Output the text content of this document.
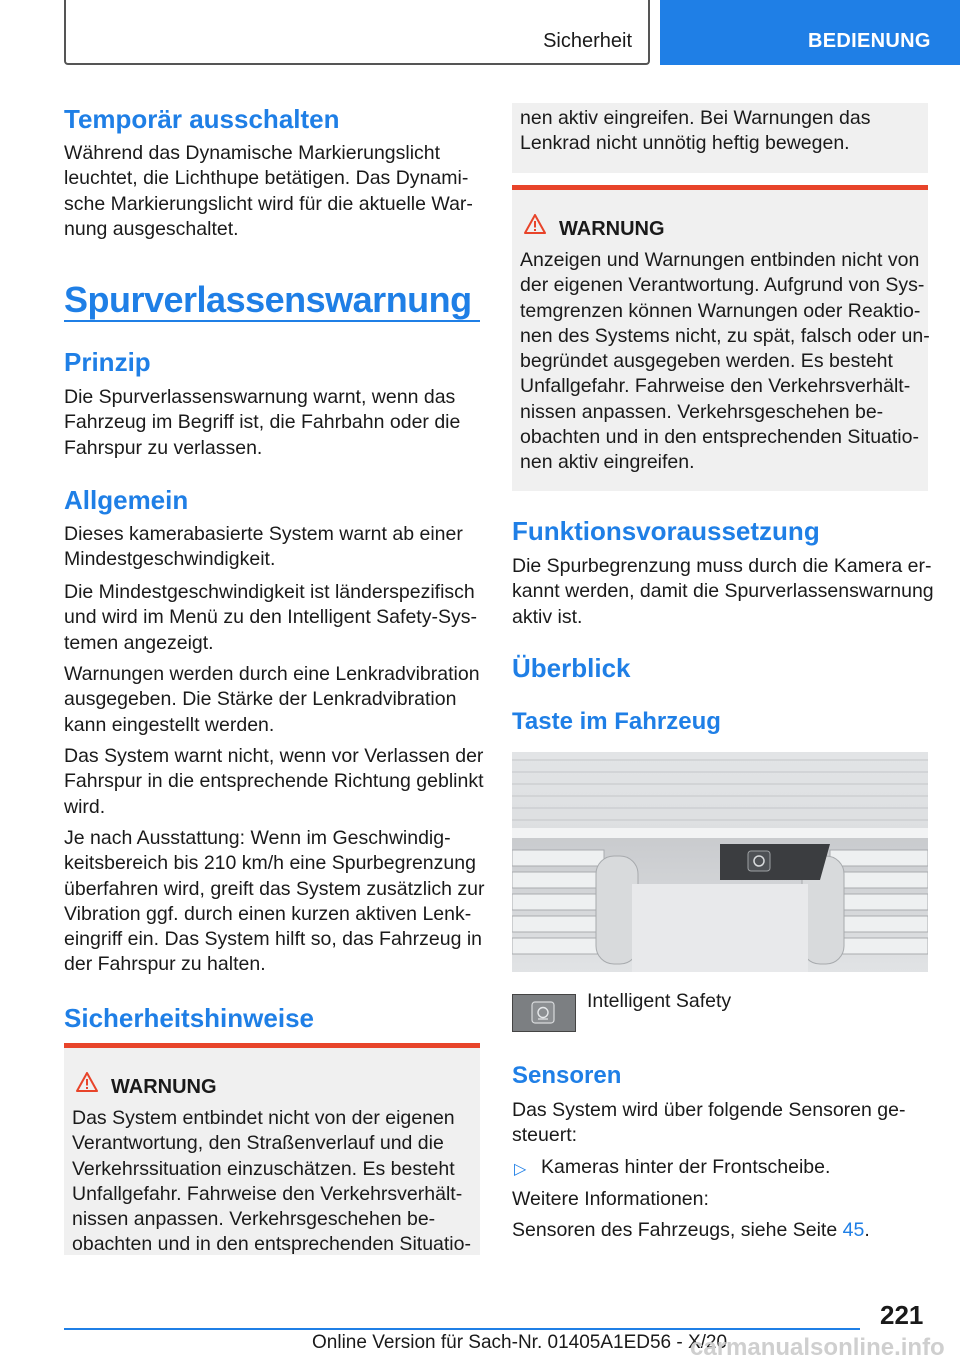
Sicherheit	BEDIENUNG
Temporär ausschalten
Während das Dynamische Markierungslicht
leuchtet, die Lichthupe betätigen. Das Dynami-
sche Markierungslicht wird für die aktuelle War-
nung ausgeschaltet.
Spurverlassenswarnung
Prinzip
Die Spurverlassenswarnung warnt, wenn das
Fahrzeug im Begriff ist, die Fahrbahn oder die
Fahrspur zu verlassen.
Allgemein
Dieses kamerabasierte System warnt ab einer
Mindestgeschwindigkeit.
Die Mindestgeschwindigkeit ist länderspezifisch
und wird im Menü zu den Intelligent Safety-Sys-
temen angezeigt.
Warnungen werden durch eine Lenkradvibration
ausgegeben. Die Stärke der Lenkradvibration
kann eingestellt werden.
Das System warnt nicht, wenn vor Verlassen der
Fahrspur in die entsprechende Richtung geblinkt
wird.
Je nach Ausstattung: Wenn im Geschwindig-
keitsbereich bis 210 km/h eine Spurbegrenzung
überfahren wird, greift das System zusätzlich zur
Vibration ggf. durch einen kurzen aktiven Lenk-
eingriff ein. Das System hilft so, das Fahrzeug in
der Fahrspur zu halten.
Sicherheitshinweise
WARNUNG
Das System entbindet nicht von der eigenen
Verantwortung, den Straßenverlauf und die
Verkehrssituation einzuschätzen. Es besteht
Unfallgefahr. Fahrweise den Verkehrsverhält-
nissen anpassen. Verkehrsgeschehen be-
obachten und in den entsprechenden Situatio-
nen aktiv eingreifen. Bei Warnungen das
Lenkrad nicht unnötig heftig bewegen.
WARNUNG
Anzeigen und Warnungen entbinden nicht von
der eigenen Verantwortung. Aufgrund von Sys-
temgrenzen können Warnungen oder Reaktio-
nen des Systems nicht, zu spät, falsch oder un-
begründet ausgegeben werden. Es besteht
Unfallgefahr. Fahrweise den Verkehrsverhält-
nissen anpassen. Verkehrsgeschehen be-
obachten und in den entsprechenden Situatio-
nen aktiv eingreifen.
Funktionsvoraussetzung
Die Spurbegrenzung muss durch die Kamera er-
kannt werden, damit die Spurverlassenswarnung
aktiv ist.
Überblick
Taste im Fahrzeug
Intelligent Safety
Sensoren
Das System wird über folgende Sensoren ge-
steuert:
▷ Kameras hinter der Frontscheibe.
Weitere Informationen:
Sensoren des Fahrzeugs, siehe Seite 45.
221
Online Version für Sach-Nr. 01405A1ED56 - X/20
carmanualsonline.info
